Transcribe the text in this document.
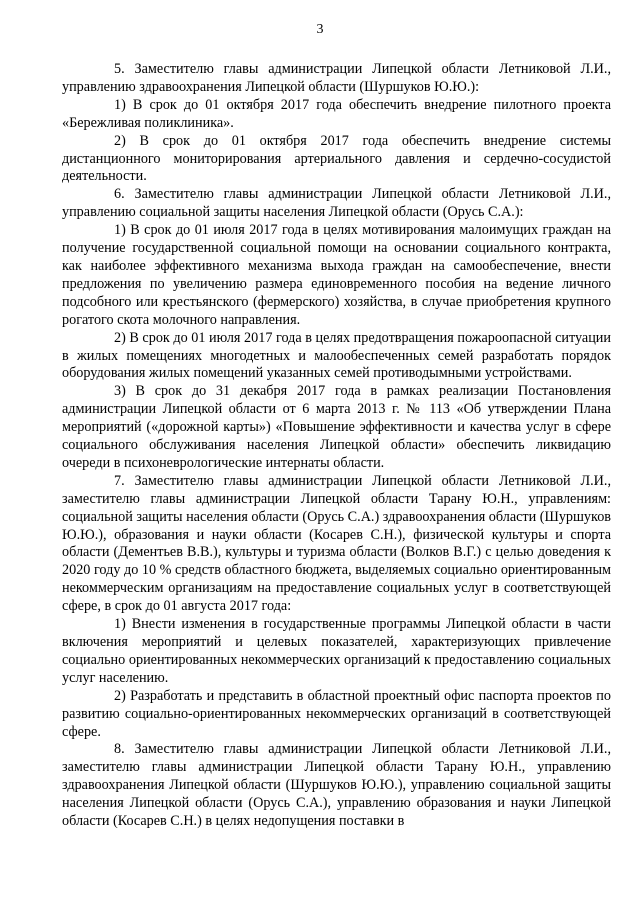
3

5. Заместителю главы администрации Липецкой области Летниковой Л.И., управлению здравоохранения Липецкой области (Шуршуков Ю.Ю.):

1) В срок до 01 октября 2017 года обеспечить внедрение пилотного проекта «Бережливая поликлиника».

2) В срок до 01 октября 2017 года обеспечить внедрение системы дистанционного мониторирования артериального давления и сердечно-сосудистой деятельности.

6. Заместителю главы администрации Липецкой области Летниковой Л.И., управлению социальной защиты населения Липецкой области (Орусь С.А.):

1) В срок до 01 июля 2017 года в целях мотивирования малоимущих граждан на получение государственной социальной помощи на основании социального контракта, как наиболее эффективного механизма выхода граждан на самообеспечение, внести предложения по увеличению размера единовременного пособия на ведение личного подсобного или крестьянского (фермерского) хозяйства, в случае приобретения крупного рогатого скота молочного направления.

2) В срок до 01 июля 2017 года в целях предотвращения пожароопасной ситуации в жилых помещениях многодетных и малообеспеченных семей разработать порядок оборудования жилых помещений указанных семей противодымными устройствами.

3) В срок до 31 декабря 2017 года в рамках реализации Постановления администрации Липецкой области от 6 марта 2013 г. № 113 «Об утверждении Плана мероприятий («дорожной карты») «Повышение эффективности и качества услуг в сфере социального обслуживания населения Липецкой области» обеспечить ликвидацию очереди в психоневрологические интернаты области.

7. Заместителю главы администрации Липецкой области Летниковой Л.И., заместителю главы администрации Липецкой области Тарану Ю.Н., управлениям: социальной защиты населения области (Орусь С.А.) здравоохранения области (Шуршуков Ю.Ю.), образования и науки области (Косарев С.Н.), физической культуры и спорта области (Дементьев В.В.), культуры и туризма области (Волков В.Г.) с целью доведения к 2020 году до 10 % средств областного бюджета, выделяемых социально ориентированным некоммерческим организациям на предоставление социальных услуг в соответствующей сфере, в срок до 01 августа 2017 года:

1) Внести изменения в государственные программы Липецкой области в части включения мероприятий и целевых показателей, характеризующих привлечение социально ориентированных некоммерческих организаций к предоставлению социальных услуг населению.

2) Разработать и представить в областной проектный офис паспорта проектов по развитию социально-ориентированных некоммерческих организаций в соответствующей сфере.

8. Заместителю главы администрации Липецкой области Летниковой Л.И., заместителю главы администрации Липецкой области Тарану Ю.Н., управлению здравоохранения Липецкой области (Шуршуков Ю.Ю.), управлению социальной защиты населения Липецкой области (Орусь С.А.), управлению образования и науки Липецкой области (Косарев С.Н.) в целях недопущения поставки в
